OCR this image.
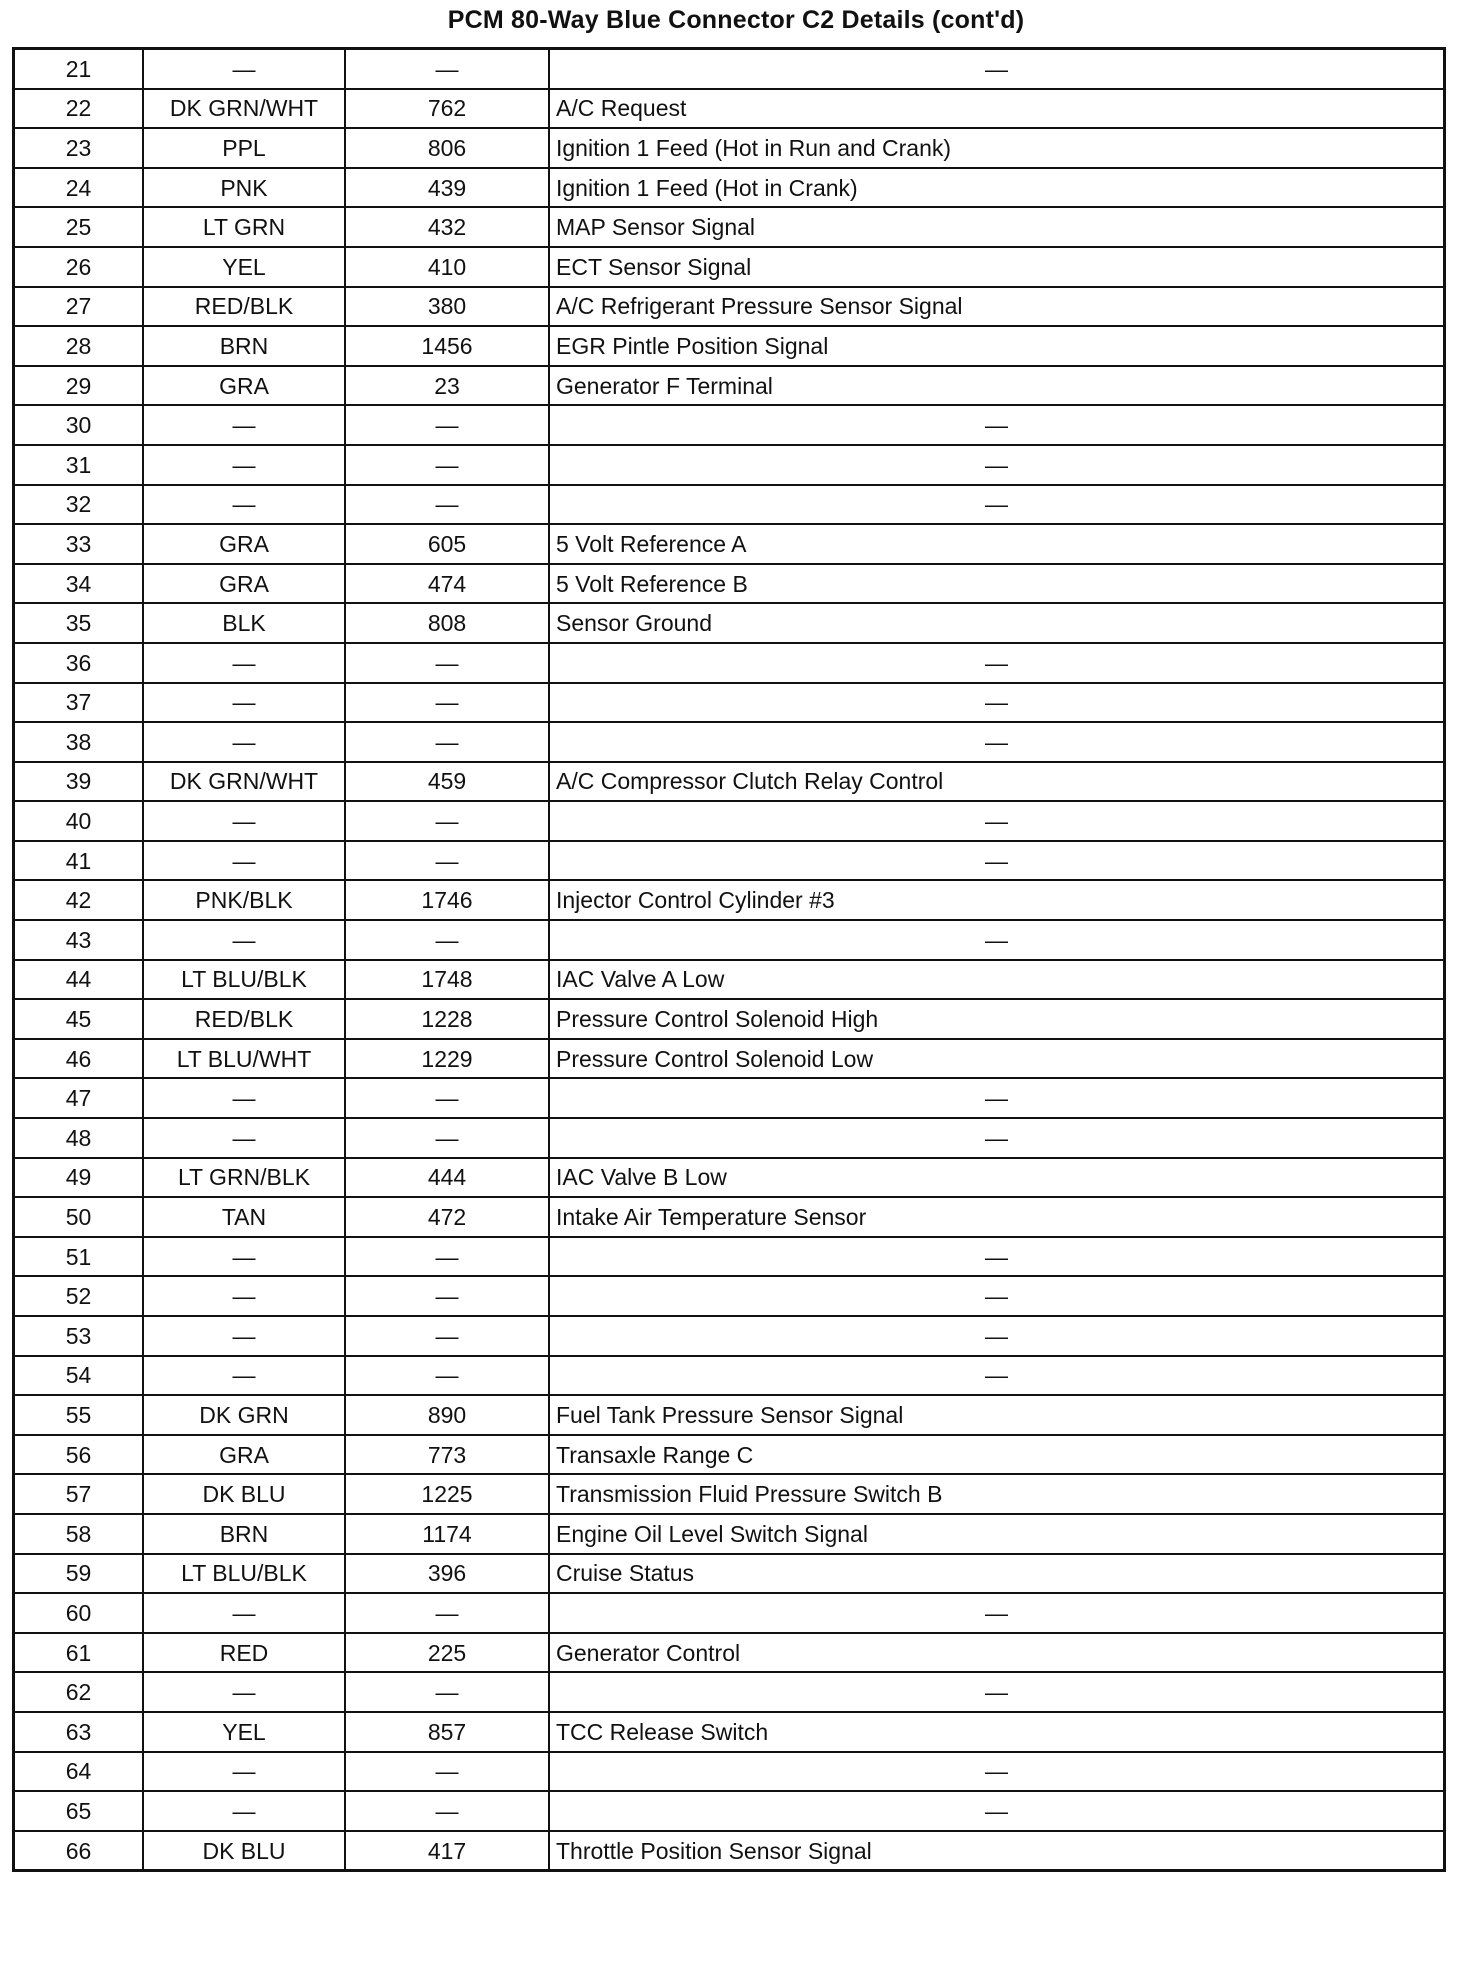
PCM 80-Way Blue Connector C2 Details (cont'd)
21	—	—	—
22	DK GRN/WHT	762	A/C Request
23	PPL	806	Ignition 1 Feed (Hot in Run and Crank)
24	PNK	439	Ignition 1 Feed (Hot in Crank)
25	LT GRN	432	MAP Sensor Signal
26	YEL	410	ECT Sensor Signal
27	RED/BLK	380	A/C Refrigerant Pressure Sensor Signal
28	BRN	1456	EGR Pintle Position Signal
29	GRA	23	Generator F Terminal
30	—	—	—
31	—	—	—
32	—	—	—
33	GRA	605	5 Volt Reference A
34	GRA	474	5 Volt Reference B
35	BLK	808	Sensor Ground
36	—	—	—
37	—	—	—
38	—	—	—
39	DK GRN/WHT	459	A/C Compressor Clutch Relay Control
40	—	—	—
41	—	—	—
42	PNK/BLK	1746	Injector Control Cylinder #3
43	—	—	—
44	LT BLU/BLK	1748	IAC Valve A Low
45	RED/BLK	1228	Pressure Control Solenoid High
46	LT BLU/WHT	1229	Pressure Control Solenoid Low
47	—	—	—
48	—	—	—
49	LT GRN/BLK	444	IAC Valve B Low
50	TAN	472	Intake Air Temperature Sensor
51	—	—	—
52	—	—	—
53	—	—	—
54	—	—	—
55	DK GRN	890	Fuel Tank Pressure Sensor Signal
56	GRA	773	Transaxle Range C
57	DK BLU	1225	Transmission Fluid Pressure Switch B
58	BRN	1174	Engine Oil Level Switch Signal
59	LT BLU/BLK	396	Cruise Status
60	—	—	—
61	RED	225	Generator Control
62	—	—	—
63	YEL	857	TCC Release Switch
64	—	—	—
65	—	—	—
66	DK BLU	417	Throttle Position Sensor Signal
